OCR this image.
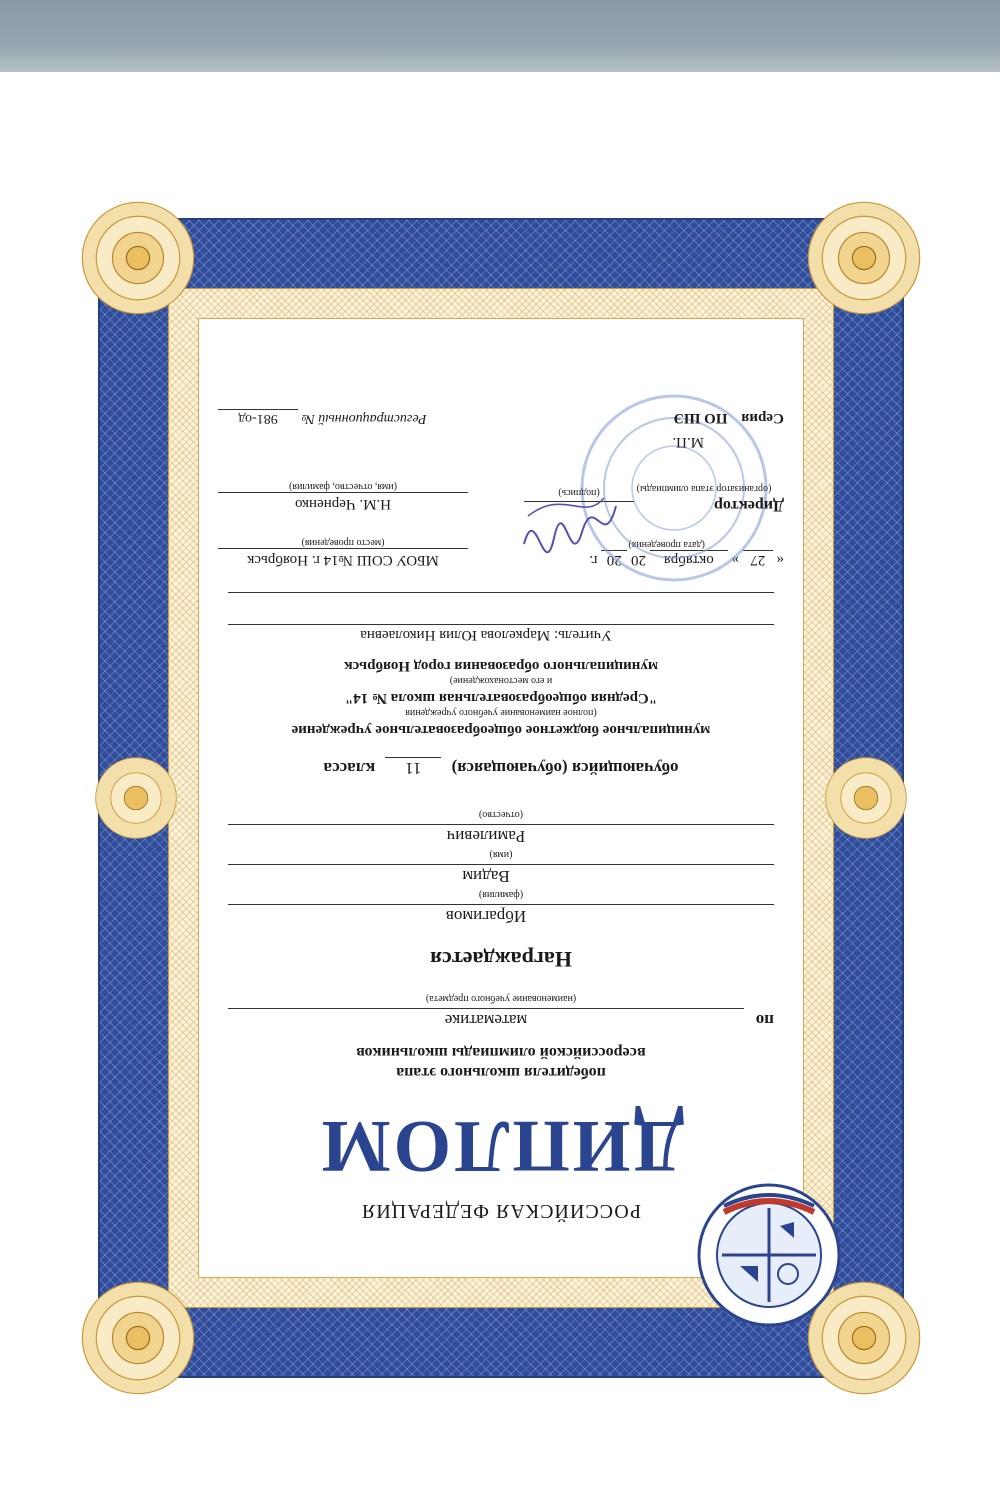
РОССИЙСКАЯ ФЕДЕРАЦИЯ
ДИПЛОМ
победителя школьного этапа
всероссийской олимпиады школьников
по
математике
(наименование учебного предмета)
Награждается
Ибрагимов
(фамилия)
Вадим
(имя)
Рамилевич
(отчество)
обучающийся (обучающаяся) 11 класса
муниципальное бюджетное общеобразовательное учреждение
(полное наименование учебного учреждения
"Средняя общеобразовательная школа № 14"
и его местонахождение)
муниципального образования город Ноябрьск
Учитель: Маркелова Юлия Николаевна
« 27 » октября 20 20 г.
(дата проведения)
МБОУ СОШ №14 г. Ноябрьск
(место проведения)
Директор
(организатор этапа олимпиады)
(подпись)
Н.М. Черненко
(имя, отчество, фамилия)
М.П.
Серия ПО ШЭ
Регистрационный № 981-од
